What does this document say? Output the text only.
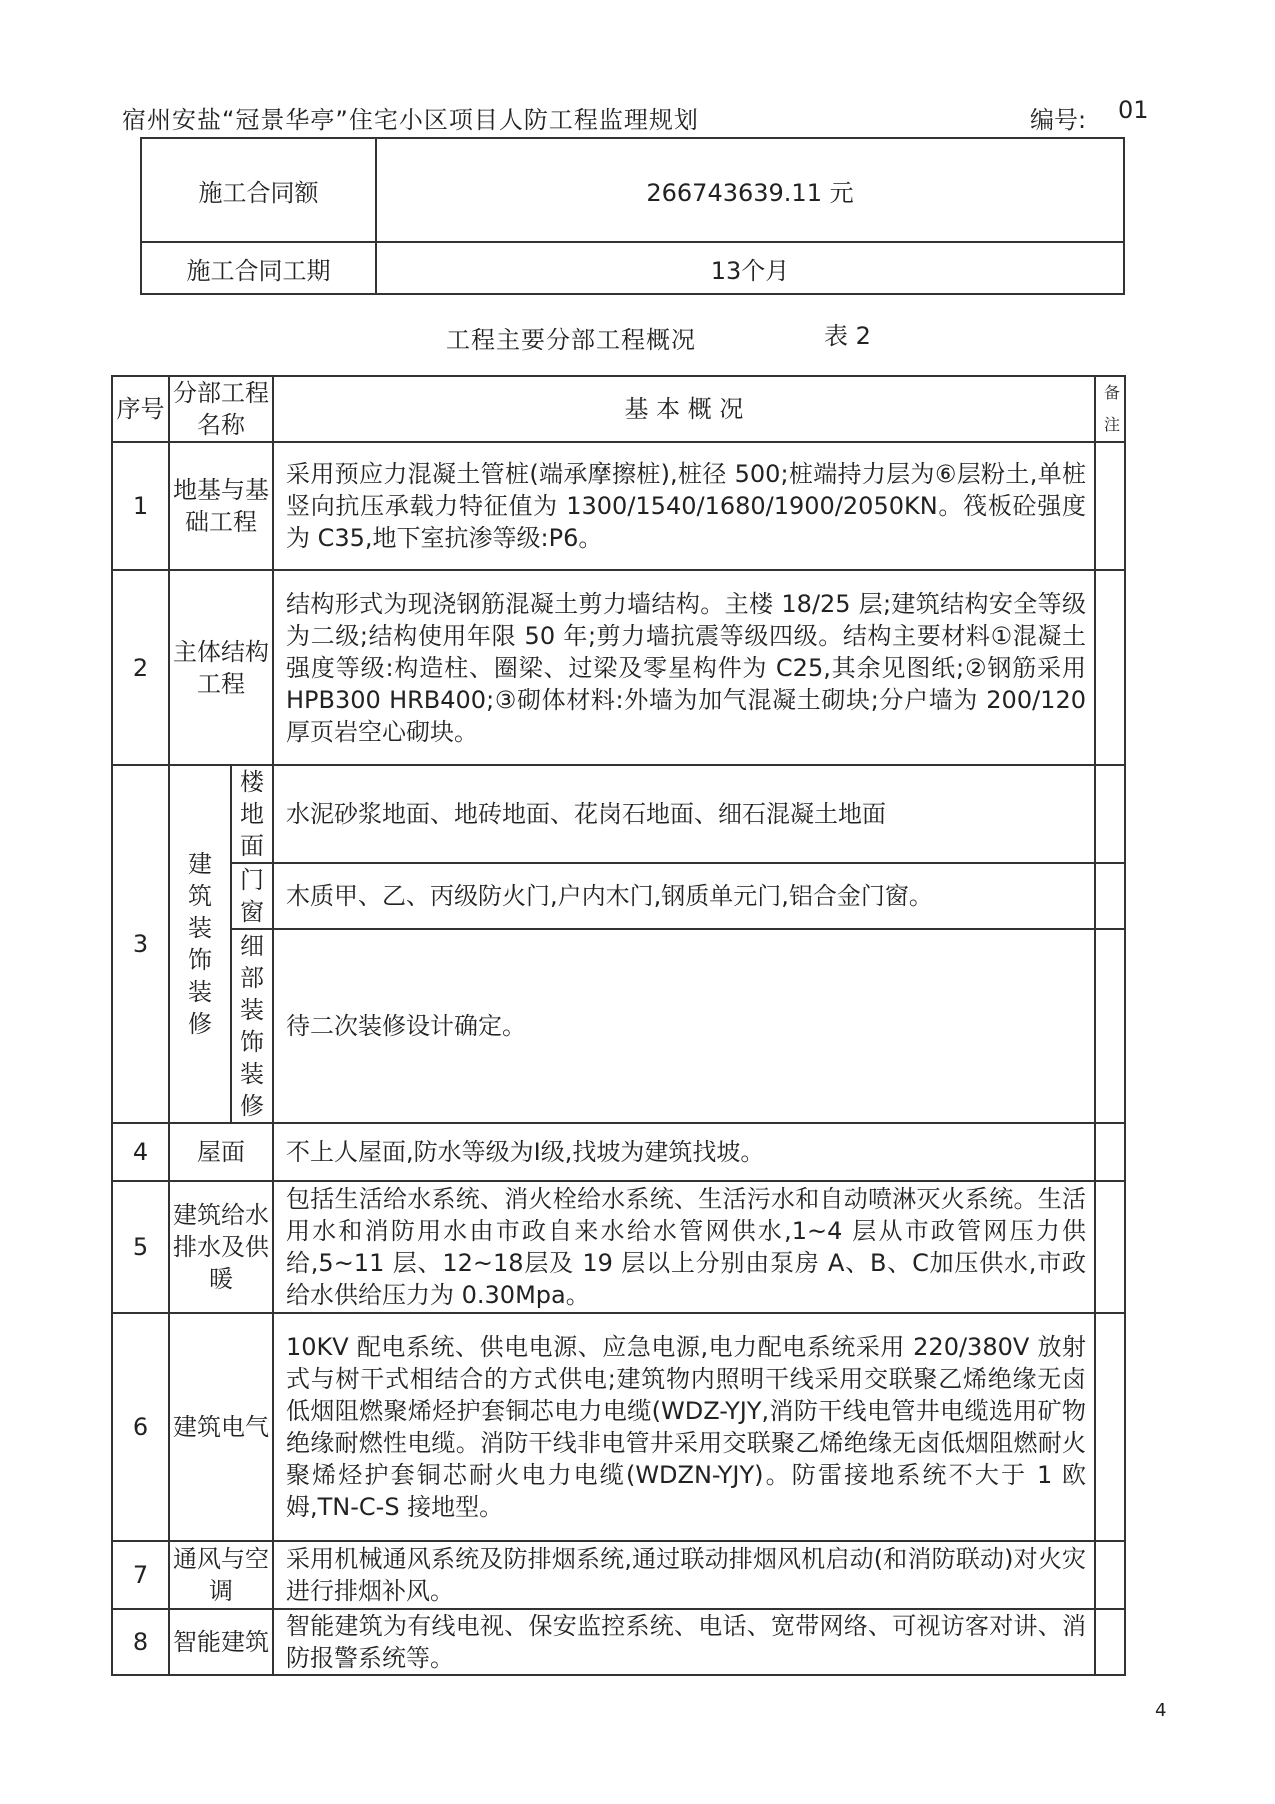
宿州安盐“冠景华亭”住宅小区项目人防工程监理规划	编号: 01
施工合同额	266743639.11 元
施工合同工期	13个月
工程主要分部工程概况	表 2
序号	分部工程名称		基 本 概 况	备注
1	地基与基础工程		采用预应力混凝土管桩(端承摩擦桩),桩径 500;桩端持力层为⑥层粉土,单桩竖向抗压承载力特征值为 1300/1540/1680/1900/2050KN。筏板砼强度为 C35,地下室抗渗等级:P6。	
2	主体结构工程		结构形式为现浇钢筋混凝土剪力墙结构。主楼 18/25 层;建筑结构安全等级为二级;结构使用年限 50 年;剪力墙抗震等级四级。结构主要材料①混凝土强度等级:构造柱、圈梁、过梁及零星构件为 C25,其余见图纸;②钢筋采用 HPB300 HRB400;③砌体材料:外墙为加气混凝土砌块;分户墙为 200/120 厚页岩空心砌块。	
3	建筑装饰装修	楼地面	水泥砂浆地面、地砖地面、花岗石地面、细石混凝土地面	
		门窗	木质甲、乙、丙级防火门,户内木门,钢质单元门,铝合金门窗。	
		细部装饰装修	待二次装修设计确定。	
4	屋面		不上人屋面,防水等级为Ⅰ级,找坡为建筑找坡。	
5	建筑给水排水及供暖		包括生活给水系统、消火栓给水系统、生活污水和自动喷淋灭火系统。生活用水和消防用水由市政自来水给水管网供水,1~4 层从市政管网压力供给,5~11 层、12~18层及 19 层以上分别由泵房 A、B、C加压供水,市政给水供给压力为 0.30Mpa。	
6	建筑电气		10KV 配电系统、供电电源、应急电源,电力配电系统采用 220/380V 放射式与树干式相结合的方式供电;建筑物内照明干线采用交联聚乙烯绝缘无卤低烟阻燃聚烯烃护套铜芯电力电缆(WDZ-YJY,消防干线电管井电缆选用矿物绝缘耐燃性电缆。消防干线非电管井采用交联聚乙烯绝缘无卤低烟阻燃耐火聚烯烃护套铜芯耐火电力电缆(WDZN-YJY)。防雷接地系统不大于 1 欧姆,TN-C-S 接地型。	
7	通风与空调		采用机械通风系统及防排烟系统,通过联动排烟风机启动(和消防联动)对火灾进行排烟补风。	
8	智能建筑		智能建筑为有线电视、保安监控系统、电话、宽带网络、可视访客对讲、消防报警系统等。	
4
